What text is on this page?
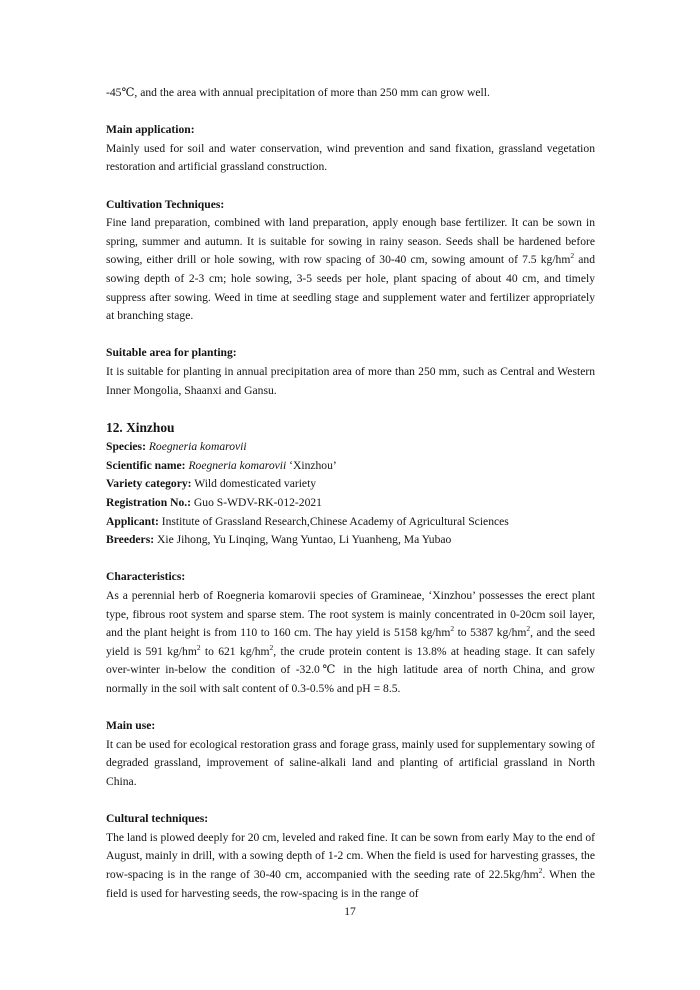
-45℃, and the area with annual precipitation of more than 250 mm can grow well.

Main application:

Mainly used for soil and water conservation, wind prevention and sand fixation, grassland vegetation restoration and artificial grassland construction.

Cultivation Techniques:

Fine land preparation, combined with land preparation, apply enough base fertilizer. It can be sown in spring, summer and autumn. It is suitable for sowing in rainy season. Seeds shall be hardened before sowing, either drill or hole sowing, with row spacing of 30-40 cm, sowing amount of 7.5 $kg/hm^2$ and sowing depth of 2-3 cm; hole sowing, 3-5 seeds per hole, plant spacing of about 40 cm, and timely suppress after sowing. Weed in time at seedling stage and supplement water and fertilizer appropriately at branching stage.

Suitable area for planting:

It is suitable for planting in annual precipitation area of more than 250 mm, such as Central and Western Inner Mongolia, Shaanxi and Gansu.

12. Xinzhou

Species: Roegneria komarovii

Scientific name: Roegneria komarovii ‘Xinzhou’

Variety category: Wild domesticated variety

Registration No.: Guo S-WDV-RK-012-2021

Applicant: Institute of Grassland Research,Chinese Academy of Agricultural Sciences

Breeders: Xie Jihong, Yu Linqing, Wang Yuntao, Li Yuanheng, Ma Yubao

Characteristics:

As a perennial herb of Roegneria komarovii species of Gramineae, ‘Xinzhou’ possesses the erect plant type, fibrous root system and sparse stem. The root system is mainly concentrated in 0-20cm soil layer, and the plant height is from 110 to 160 cm. The hay yield is 5158 $kg/hm^2$ to 5387 $kg/hm^2$, and the seed yield is 591 $kg/hm^2$ to 621 $kg/hm^2$, the crude protein content is 13.8% at heading stage. It can safely over-winter in-below the condition of -32.0℃ in the high latitude area of north China, and grow normally in the soil with salt content of 0.3-0.5% and pH = 8.5.

Main use:

It can be used for ecological restoration grass and forage grass, mainly used for supplementary sowing of degraded grassland, improvement of saline-alkali land and planting of artificial grassland in North China.

Cultural techniques:

The land is plowed deeply for 20 cm, leveled and raked fine. It can be sown from early May to the end of August, mainly in drill, with a sowing depth of 1-2 cm. When the field is used for harvesting grasses, the row-spacing is in the range of 30-40 cm, accompanied with the seeding rate of $22.5kg/hm^2$. When the field is used for harvesting seeds, the row-spacing is in the range of

17
